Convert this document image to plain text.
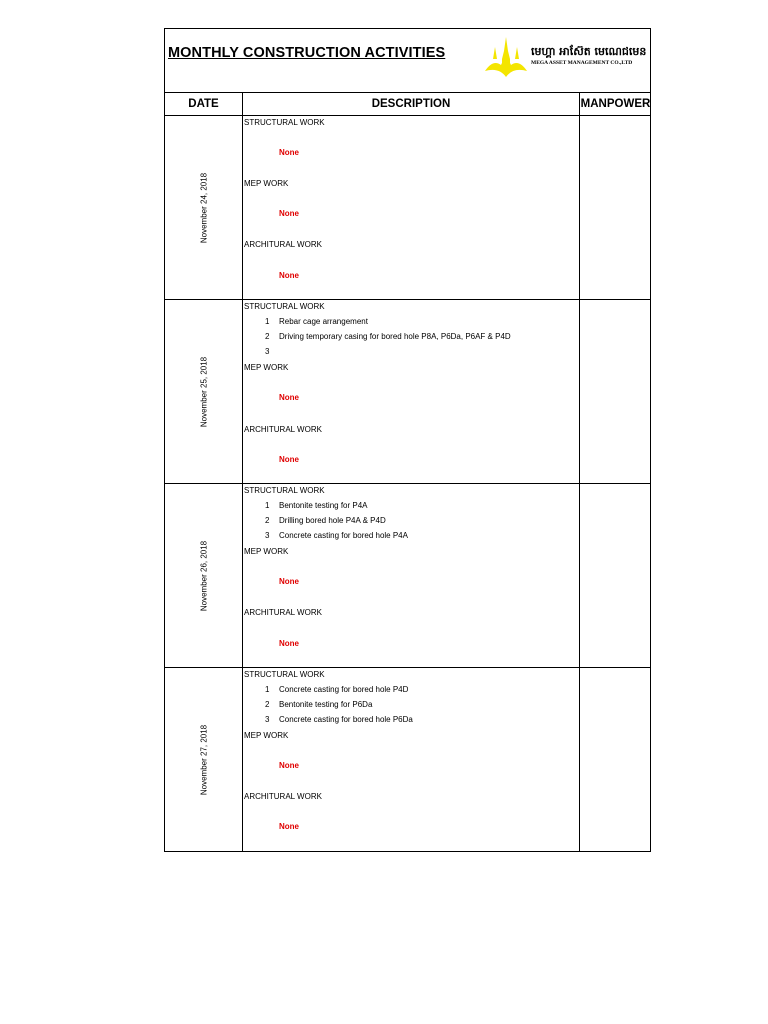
MONTHLY CONSTRUCTION ACTIVITIES	មេហ្គា អាស៊ែត មេណេជមេន
MEGA ASSET MANAGEMENT CO.,LTD
DATE	DESCRIPTION	MANPOWER
November 24, 2018
STRUCTURAL WORK
None
MEP WORK
None
ARCHITURAL WORK
None
November 25, 2018
STRUCTURAL WORK
1 Rebar cage arrangement
2 Driving temporary casing for bored hole P8A, P6Da, P6AF & P4D
3
MEP WORK
None
ARCHITURAL WORK
None
November 26, 2018
STRUCTURAL WORK
1 Bentonite testing for P4A
2 Drilling bored hole P4A & P4D
3 Concrete casting for bored hole P4A
MEP WORK
None
ARCHITURAL WORK
None
November 27, 2018
STRUCTURAL WORK
1 Concrete casting for bored hole P4D
2 Bentonite testing for P6Da
3 Concrete casting for bored hole P6Da
MEP WORK
None
ARCHITURAL WORK
None
